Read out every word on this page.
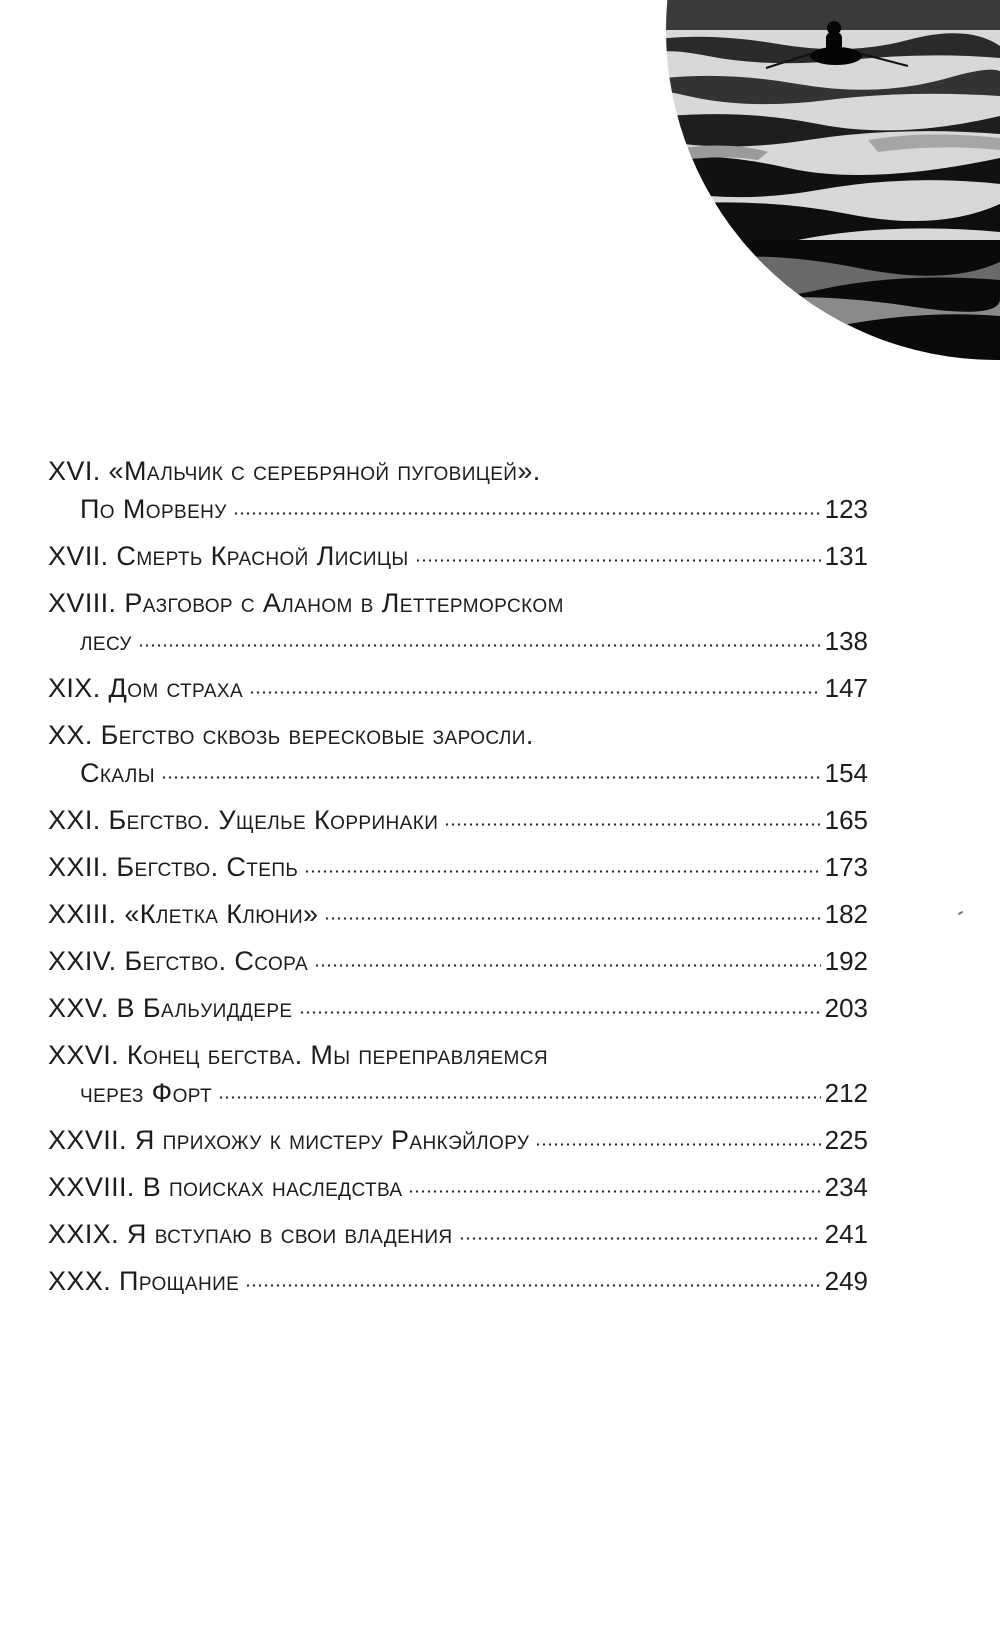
XVI. «Мальчик с серебряной пуговицей».
По Морвену	123
XVII. Смерть Красной Лисицы	131
XVIII. Разговор с Аланом в Леттерморском
лесу	138
XIX. Дом страха	147
XX. Бегство сквозь вересковые заросли.
Скалы	154
XXI. Бегство. Ущелье Корринаки	165
XXII. Бегство. Степь	173
XXIII. «Клетка Клюни»	182
XXIV. Бегство. Ссора	192
XXV. В Бальуиддере	203
XXVI. Конец бегства. Мы переправляемся
через Форт	212
XXVII. Я прихожу к мистеру Ранкэйлору	225
XXVIII. В поисках наследства	234
XXIX. Я вступаю в свои владения	241
XXX. Прощание	249
